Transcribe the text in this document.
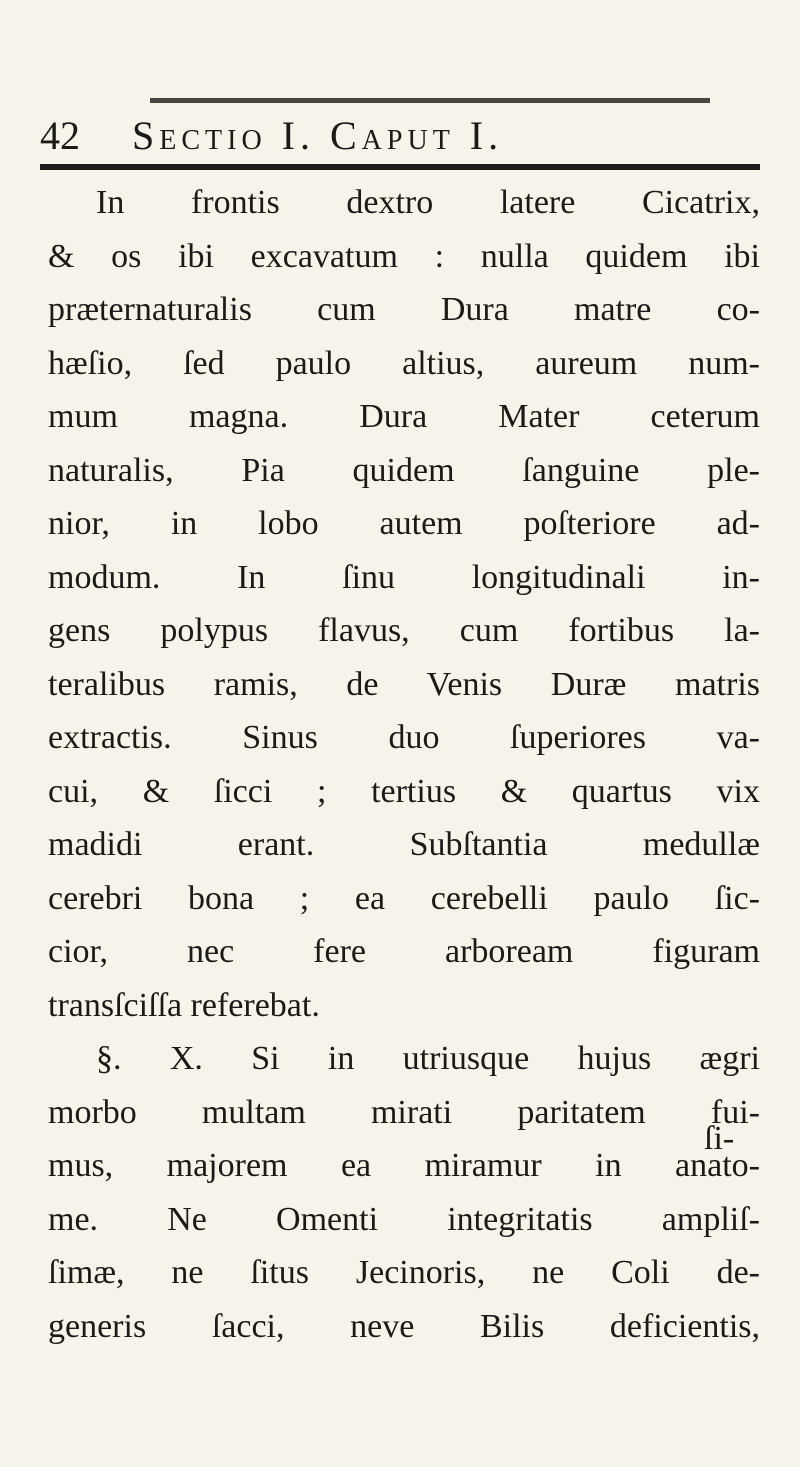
42 Sectio I. Caput I.
In frontis dextro latere Cicatrix,
& os ibi excavatum : nulla quidem ibi
præternaturalis cum Dura matre co-
hæſio, ſed paulo altius, aureum num-
mum magna. Dura Mater ceterum
naturalis, Pia quidem ſanguine ple-
nior, in lobo autem poſteriore ad-
modum. In ſinu longitudinali in-
gens polypus flavus, cum fortibus la-
teralibus ramis, de Venis Duræ matris
extractis. Sinus duo ſuperiores va-
cui, & ſicci ; tertius & quartus vix
madidi erant. Subſtantia medullæ
cerebri bona ; ea cerebelli paulo ſic-
cior, nec fere arboream figuram
transſciſſa referebat.
§. X. Si in utriusque hujus ægri
morbo multam mirati paritatem fui-
mus, majorem ea miramur in anato-
me. Ne Omenti integritatis ampliſ-
ſimæ, ne ſitus Jecinoris, ne Coli de-
generis ſacci, neve Bilis deficientis,
ſi-
